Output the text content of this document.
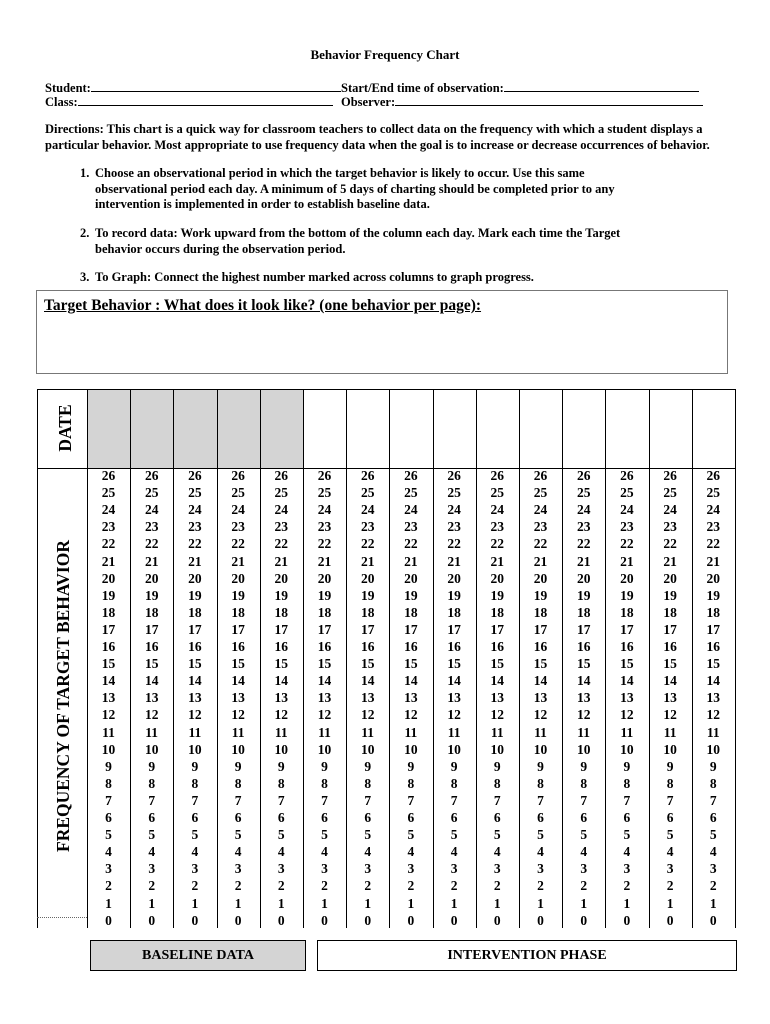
Behavior Frequency Chart
Student:
Class:
Start/End time of observation:
Observer:
Directions: This chart is a quick way for classroom teachers to collect data on the frequency with which a student displays a particular behavior. Most appropriate to use frequency data when the goal is to increase or decrease occurrences of behavior.
1. Choose an observational period in which the target behavior is likely to occur. Use this same observational period each day. A minimum of 5 days of charting should be completed prior to any intervention is implemented in order to establish baseline data.
2. To record data: Work upward from the bottom of the column each day. Mark each time the Target behavior occurs during the observation period.
3. To Graph: Connect the highest number marked across columns to graph progress.
Target Behavior : What does it look like? (one behavior per page):
DATE
FREQUENCY OF TARGET BEHAVIOR
26
25
24
23
22
21
20
19
18
17
16
15
14
13
12
11
10
9
8
7
6
5
4
3
2
1
0
26
25
24
23
22
21
20
19
18
17
16
15
14
13
12
11
10
9
8
7
6
5
4
3
2
1
0
26
25
24
23
22
21
20
19
18
17
16
15
14
13
12
11
10
9
8
7
6
5
4
3
2
1
0
26
25
24
23
22
21
20
19
18
17
16
15
14
13
12
11
10
9
8
7
6
5
4
3
2
1
0
26
25
24
23
22
21
20
19
18
17
16
15
14
13
12
11
10
9
8
7
6
5
4
3
2
1
0
26
25
24
23
22
21
20
19
18
17
16
15
14
13
12
11
10
9
8
7
6
5
4
3
2
1
0
26
25
24
23
22
21
20
19
18
17
16
15
14
13
12
11
10
9
8
7
6
5
4
3
2
1
0
26
25
24
23
22
21
20
19
18
17
16
15
14
13
12
11
10
9
8
7
6
5
4
3
2
1
0
26
25
24
23
22
21
20
19
18
17
16
15
14
13
12
11
10
9
8
7
6
5
4
3
2
1
0
26
25
24
23
22
21
20
19
18
17
16
15
14
13
12
11
10
9
8
7
6
5
4
3
2
1
0
26
25
24
23
22
21
20
19
18
17
16
15
14
13
12
11
10
9
8
7
6
5
4
3
2
1
0
26
25
24
23
22
21
20
19
18
17
16
15
14
13
12
11
10
9
8
7
6
5
4
3
2
1
0
26
25
24
23
22
21
20
19
18
17
16
15
14
13
12
11
10
9
8
7
6
5
4
3
2
1
0
26
25
24
23
22
21
20
19
18
17
16
15
14
13
12
11
10
9
8
7
6
5
4
3
2
1
0
26
25
24
23
22
21
20
19
18
17
16
15
14
13
12
11
10
9
8
7
6
5
4
3
2
1
0
BASELINE DATA	INTERVENTION PHASE
